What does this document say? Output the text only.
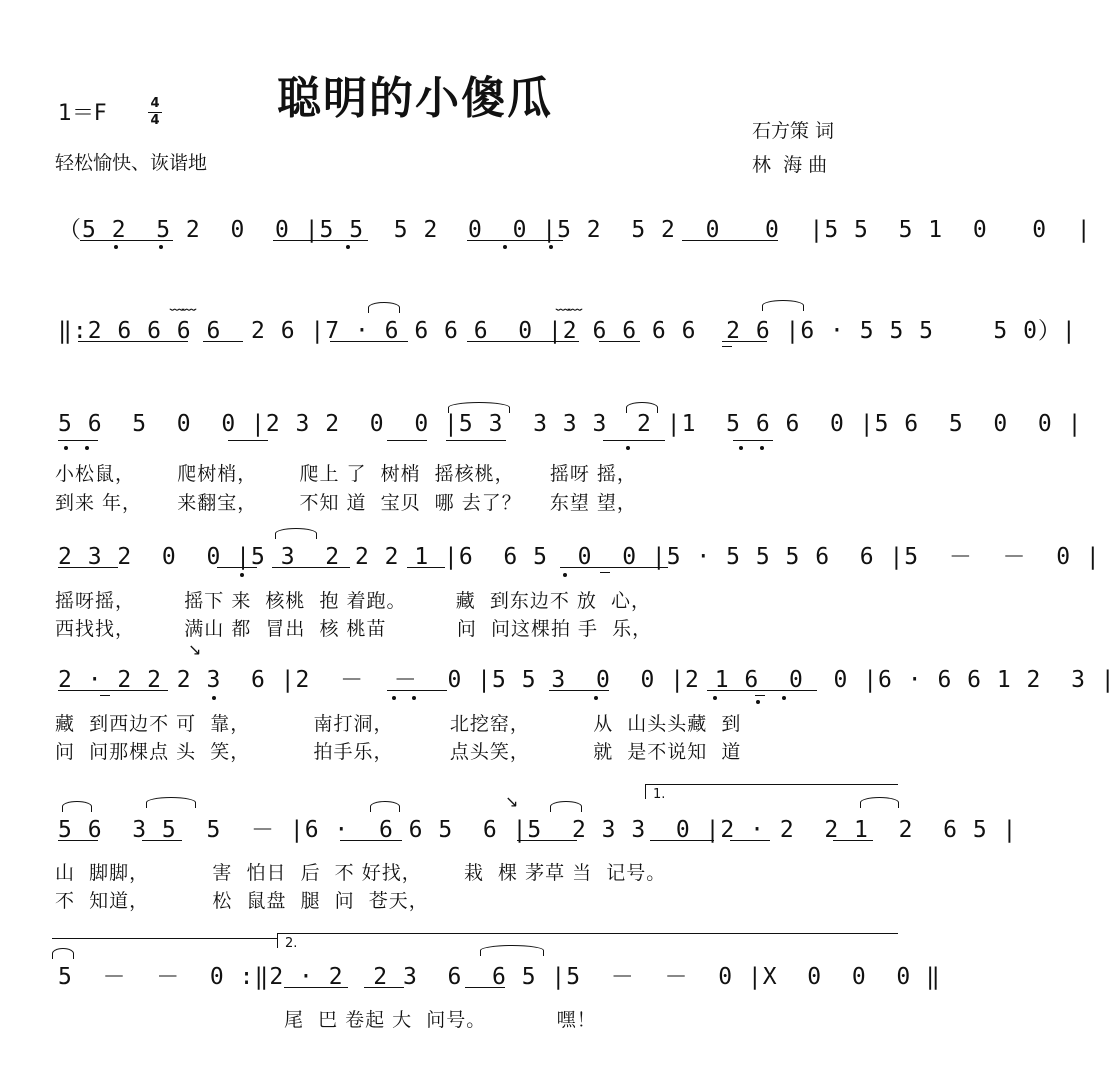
聪明的小傻瓜
1＝F	4
4
轻松愉快、诙谐地
石方策 词
林  海 曲
（5 2  5 2  0  0 |5 5  5 2  0  0 |5 2  5 2  0   0  |5 5  5 1  0   0  |
‖:2 6 6 6 6  2 6 |7 · 6 6 6 6  0 |2 6 6 6 6  2 6 |6 · 5 5 5    5 0）|
﹏﹏	﹏﹏
5 6  5  0  0 |2 3 2  0  0 |5 3  3 3 3  2 |1  5 6 6  0 |5 6  5  0  0 |
小松鼠，      爬树梢，      爬上 了  树梢  摇核桃，     摇呀 摇，
到来 年，     来翻宝，      不知 道  宝贝  哪 去了？    东望 望，
2 3 2  0  0 |5 3  2 2 2 1 |6  6 5  0  0 |5 · 5 5 5 6  6 |5  －  －  0 |
摇呀摇，       摇下 来  核桃  抱 着跑。       藏  到东边不 放  心，
西找找，       满山 都  冒出  核 桃苗          问  问这棵拍 手  乐，
2 · 2 2 2 3  6 |2  －  －  0 |5 5 3  0  0 |2 1 6  0  0 |6 · 6 6 1 2  3 |
藏  到西边不 可  靠，         南打洞，        北挖窑，         从  山头头藏  到
问  问那棵点 头  笑，         拍手乐，        点头笑，         就  是不说知  道
↘
1.
5 6  3 5  5  － |6 ·  6 6 5  6 |5  2 3 3  0 |2 · 2  2 1  2  6 5 |
山  脚脚，         害  怕日  后  不 好找，      栽  棵 茅草 当  记号。
不  知道，         松  鼠盘  腿  问  苍天，
↘
2.
5  －  －  0 :‖2 · 2  2 3  6  6 5 |5  －  －  0 |X  0  0  0 ‖
尾  巴 卷起 大  问号。          嘿！
